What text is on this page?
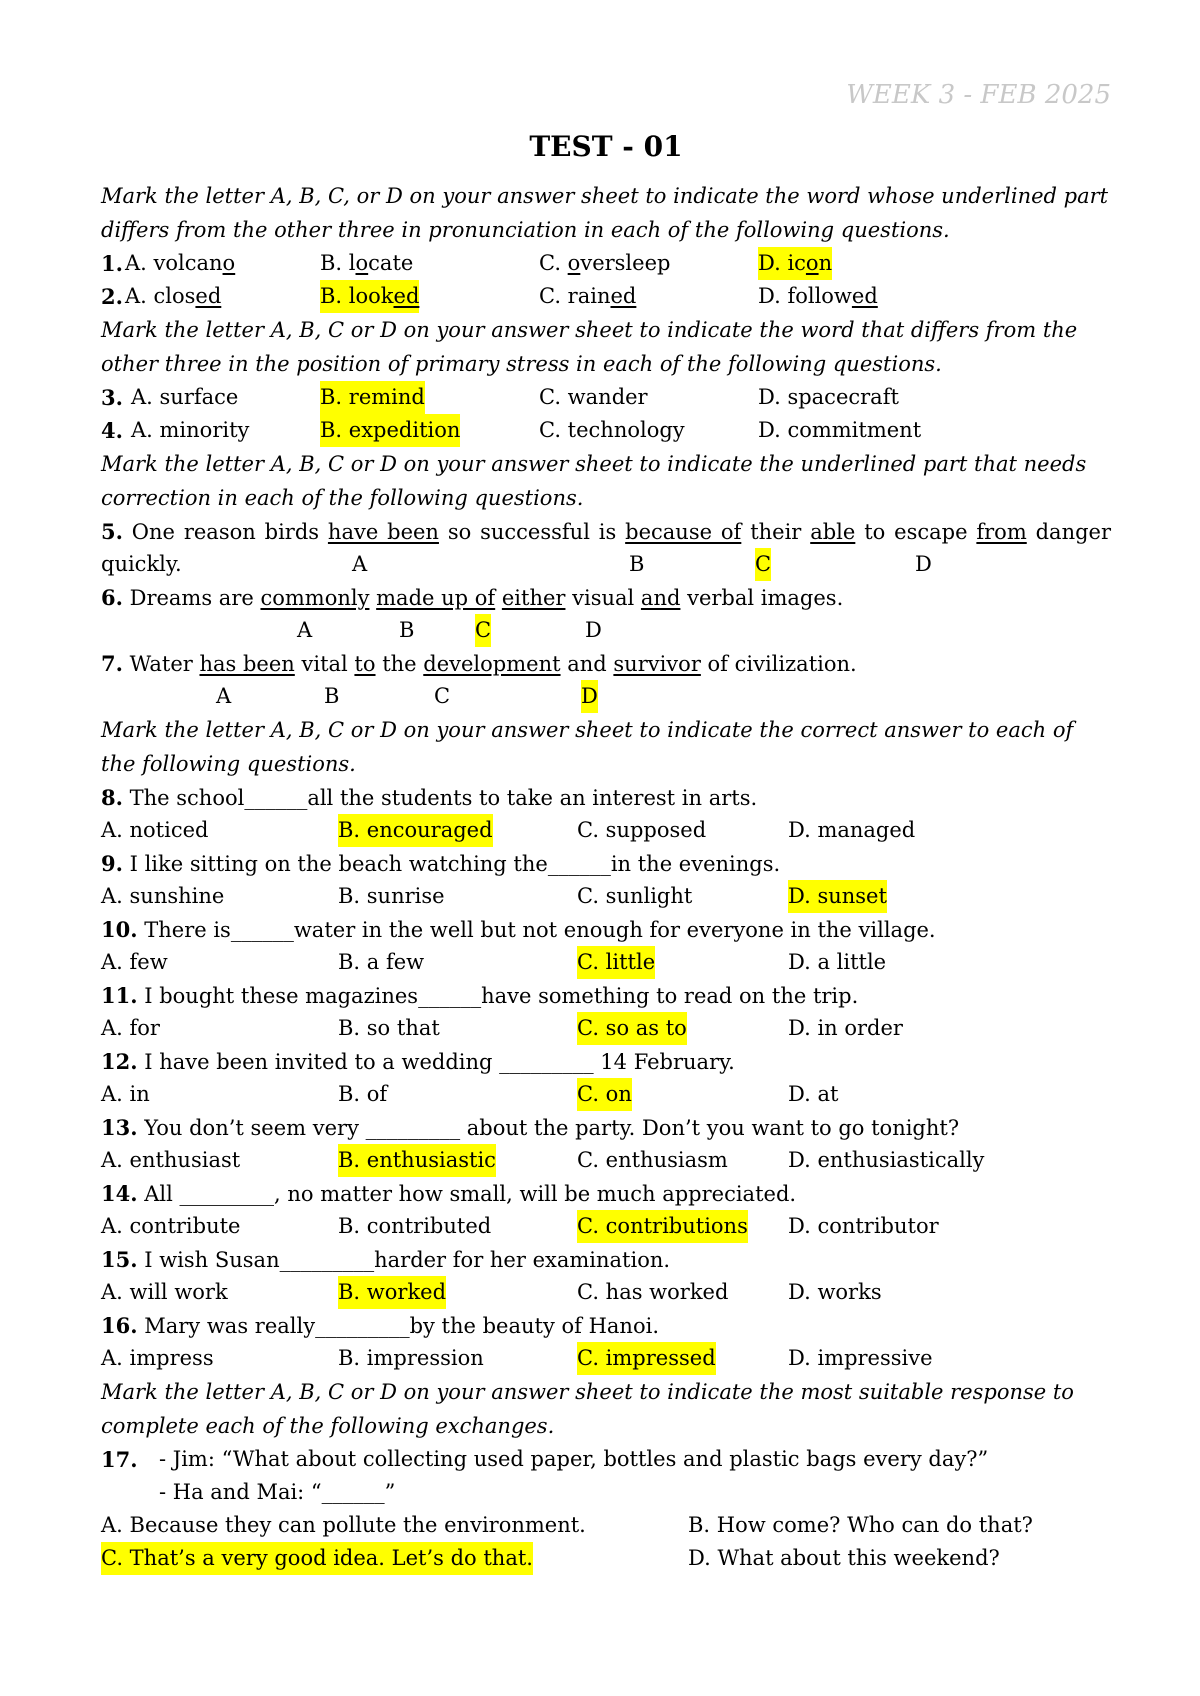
WEEK 3 - FEB 2025
TEST - 01
Mark the letter A, B, C, or D on your answer sheet to indicate the word whose underlined part differs from the other three in pronunciation in each of the following questions.
1. A. volcano	B. locate	C. oversleep	D. icon
2. A. closed	B. looked	C. rained	D. followed
Mark the letter A, B, C or D on your answer sheet to indicate the word that differs from the other three in the position of primary stress in each of the following questions.
3. A. surface	B. remind	C. wander	D. spacecraft
4. A. minority	B. expedition	C. technology	D. commitment
Mark the letter A, B, C or D on your answer sheet to indicate the underlined part that needs correction in each of the following questions.
5. One reason birds have been so successful is because of their able to escape from danger
quickly.	A	B	C	D
6. Dreams are commonly made up of either visual and verbal images.
A	B	C	D
7. Water has been vital to the development and survivor of civilization.
A	B	C	D
Mark the letter A, B, C or D on your answer sheet to indicate the correct answer to each of the following questions.
8. The school______all the students to take an interest in arts.
A. noticed	B. encouraged	C. supposed	D. managed
9. I like sitting on the beach watching the______in the evenings.
A. sunshine	B. sunrise	C. sunlight	D. sunset
10. There is______water in the well but not enough for everyone in the village.
A. few	B. a few	C. little	D. a little
11. I bought these magazines______have something to read on the trip.
A. for	B. so that	C. so as to	D. in order
12. I have been invited to a wedding _________ 14 February.
A. in	B. of	C. on	D. at
13. You don’t seem very _________ about the party. Don’t you want to go tonight?
A. enthusiast	B. enthusiastic	C. enthusiasm	D. enthusiastically
14. All _________, no matter how small, will be much appreciated.
A. contribute	B. contributed	C. contributions D. contributor
15. I wish Susan_________harder for her examination.
A. will work	B. worked	C. has worked	D. works
16. Mary was really_________by the beauty of Hanoi.
A. impress	B. impression	C. impressed	D. impressive
Mark the letter A, B, C or D on your answer sheet to indicate the most suitable response to complete each of the following exchanges.
17. - Jim: “What about collecting used paper, bottles and plastic bags every day?”
- Ha and Mai: “______”
A. Because they can pollute the environment.	B. How come? Who can do that?
C. That’s a very good idea. Let’s do that.	D. What about this weekend?
